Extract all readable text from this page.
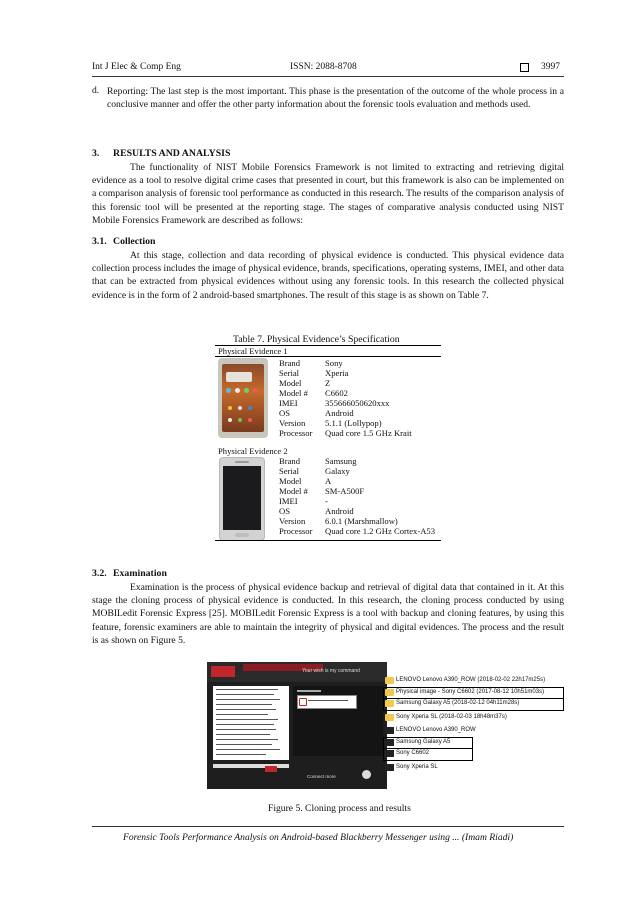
Int J Elec & Comp Eng	ISSN: 2088-8708	3997
d. Reporting: The last step is the most important. This phase is the presentation of the outcome of the whole process in a conclusive manner and offer the other party information about the forensic tools evaluation and methods used.
3. RESULTS AND ANALYSIS
The functionality of NIST Mobile Forensics Framework is not limited to extracting and retrieving digital evidence as a tool to resolve digital crime cases that presented in court, but this framework is also can be implemented on a comparison analysis of forensic tool performance as conducted in this research. The results of the comparison analysis of this forensic tool will be presented at the reporting stage. The stages of comparative analysis conducted using NIST Mobile Forensics Framework are described as follows:
3.1. Collection
At this stage, collection and data recording of physical evidence is conducted. This physical evidence data collection process includes the image of physical evidence, brands, specifications, operating systems, IMEI, and other data that can be extracted from physical evidences without using any forensic tools. In this research the collected physical evidence is in the form of 2 android-based smartphones. The result of this stage is as shown on Table 7.
Table 7. Physical Evidence’s Specification
Physical Evidence 1
Brand	Sony
Serial	Xperia
Model	Z
Model # C6602
IMEI	355666050620xxx
OS	Android
Version 5.1.1 (Lollypop)
Processor Quad core 1.5 GHz Krait
Physical Evidence 2
Brand	Samsung
Serial	Galaxy
Model	A
Model # SM-A500F
IMEI	-
OS	Android
Version 6.0.1 (Marshmallow)
Processor Quad core 1.2 GHz Cortex-A53
3.2. Examination
Examination is the process of physical evidence backup and retrieval of digital data that contained in it. At this stage the cloning process of physical evidence is conducted. In this research, the cloning process conducted by using MOBILedit Forensic Express [25]. MOBILedit Forensic Express is a tool with backup and cloning features, by using this feature, forensic examiners are able to maintain the integrity of physical and digital evidences. The process and the result is as shown on Figure 5.
Your wish is my command
Connect more
LENOVO Lenovo A390_ROW (2018-02-02 22h17m25s)
Physical image - Sony C6602 (2017-08-12 10h51m03s)
Samsung Galaxy A5 (2018-02-12 04h11m28s)
Sony Xperia SL (2018-02-03 18h48m37s)
LENOVO Lenovo A390_ROW
Samsung Galaxy A5
Sony C6602
Sony Xperia SL
Figure 5. Cloning process and results
Forensic Tools Performance Analysis on Android-based Blackberry Messenger using ... (Imam Riadi)
